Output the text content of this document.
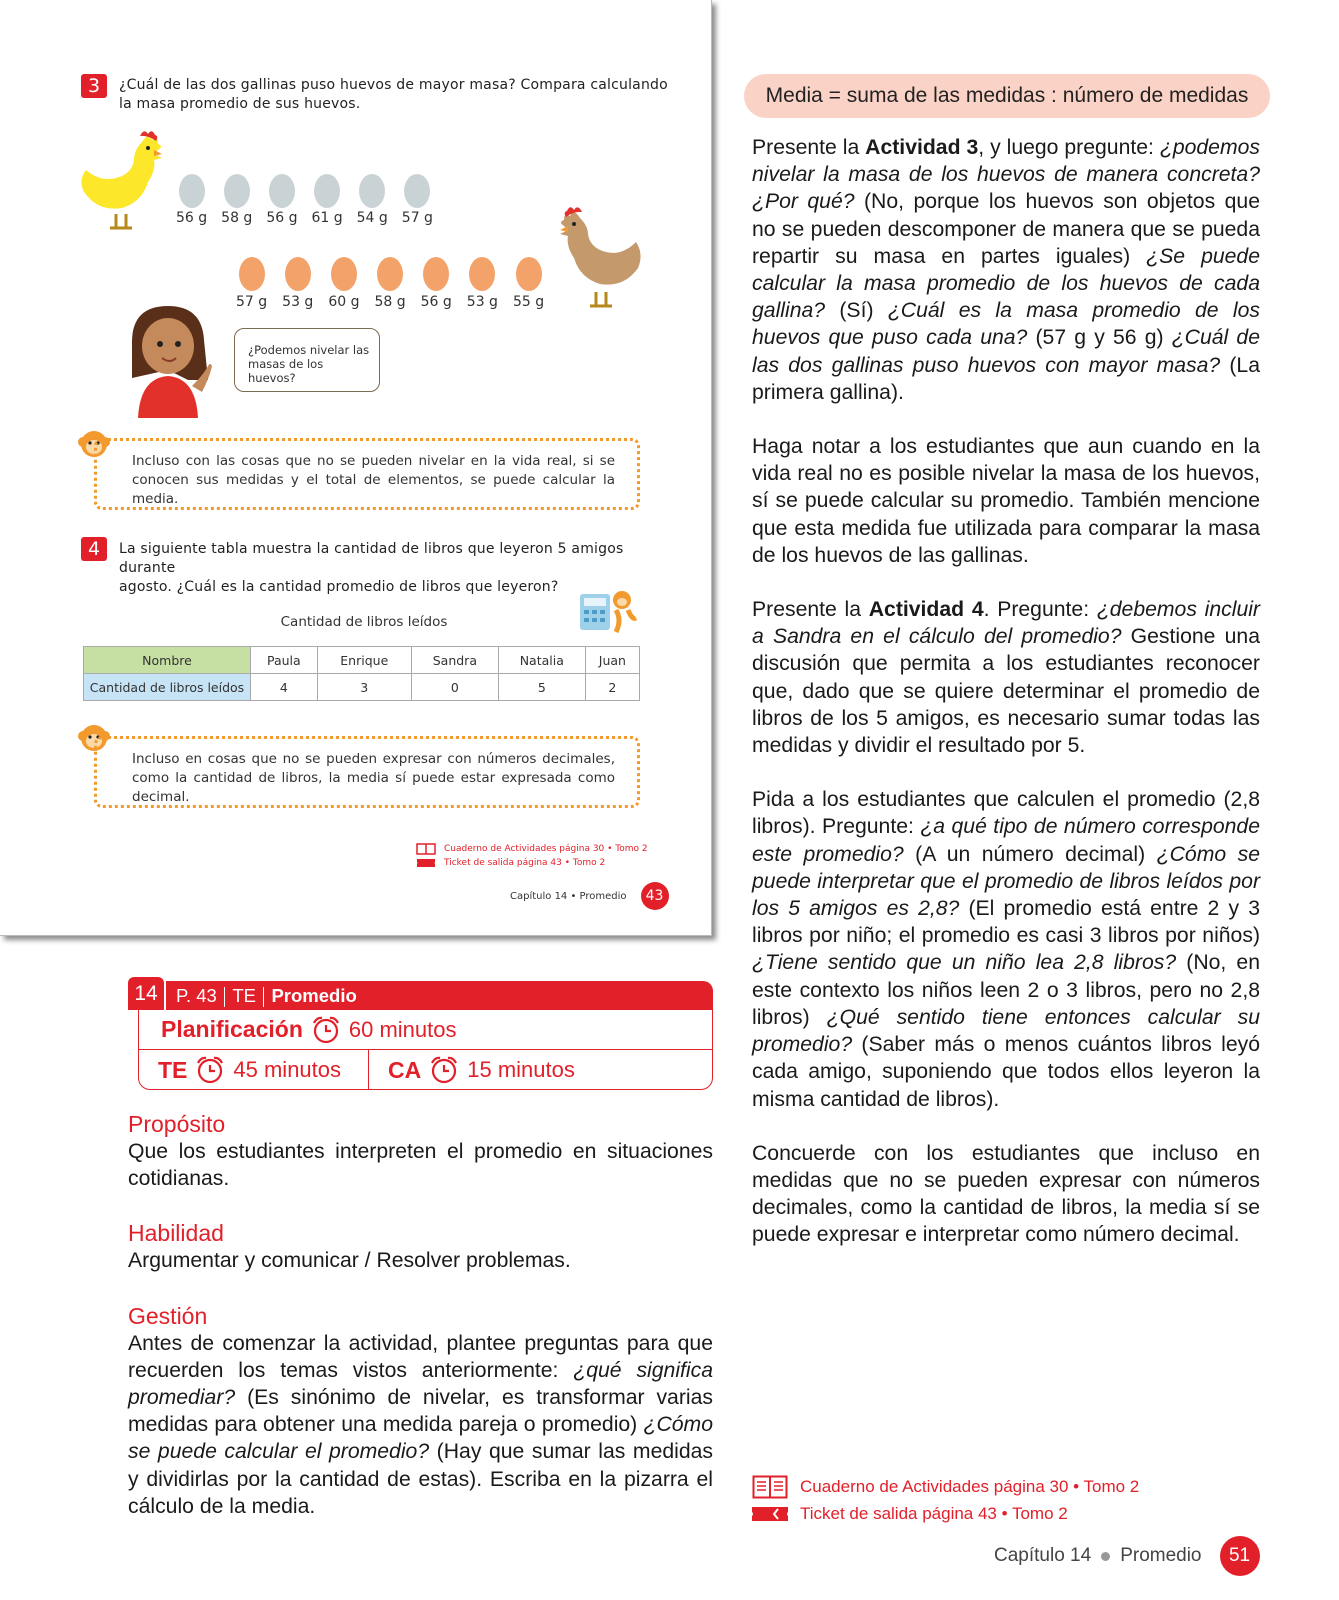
3	¿Cuál de las dos gallinas puso huevos de mayor masa? Compara calculando
la masa promedio de sus huevos.
56 g 58 g 56 g 61 g 54 g 57 g
57 g 53 g 60 g 58 g 56 g 53 g 55 g
¿Podemos nivelar las
masas de los huevos?
Incluso con las cosas que no se pueden nivelar en la vida real, si se conocen sus medidas y el total de elementos, se puede calcular la media.
4	La siguiente tabla muestra la cantidad de libros que leyeron 5 amigos durante
agosto. ¿Cuál es la cantidad promedio de libros que leyeron?
Cantidad de libros leídos
Nombre	Paula	Enrique	Sandra	Natalia	Juan
Cantidad de libros leídos	4	3	0	5	2
Incluso en cosas que no se pueden expresar con números decimales, como la cantidad de libros, la media sí puede estar expresada como decimal.
Cuaderno de Actividades página 30 • Tomo 2
Ticket de salida página 43 • Tomo 2
Capítulo 14 • Promedio	43
Media = suma de las medidas : número de medidas

Presente la Actividad 3, y luego pregunte: ¿podemos nivelar la masa de los huevos de manera concreta? ¿Por qué? (No, porque los huevos son objetos que no se pueden descomponer de manera que se pueda repartir su masa en partes iguales) ¿Se puede calcular la masa promedio de los huevos de cada gallina? (Sí) ¿Cuál es la masa promedio de los huevos que puso cada una? (57 g y 56 g) ¿Cuál de las dos gallinas puso huevos con mayor masa? (La primera gallina).

Haga notar a los estudiantes que aun cuando en la vida real no es posible nivelar la masa de los huevos, sí se puede calcular su promedio. También mencione que esta medida fue utilizada para comparar la masa de los huevos de las gallinas.

Presente la Actividad 4. Pregunte: ¿debemos incluir a Sandra en el cálculo del promedio? Gestione una discusión que permita a los estudiantes reconocer que, dado que se quiere determinar el promedio de libros de los 5 amigos, es necesario sumar todas las medidas y dividir el resultado por 5.

Pida a los estudiantes que calculen el promedio (2,8 libros). Pregunte: ¿a qué tipo de número corresponde este promedio? (A un número decimal) ¿Cómo se puede interpretar que el promedio de libros leídos por los 5 amigos es 2,8? (El promedio está entre 2 y 3 libros por niño; el promedio es casi 3 libros por niños) ¿Tiene sentido que un niño lea 2,8 libros? (No, en este contexto los niños leen 2 o 3 libros, pero no 2,8 libros) ¿Qué sentido tiene entonces calcular su promedio? (Saber más o menos cuántos libros leyó cada amigo, suponiendo que todos ellos leyeron la misma cantidad de libros).

Concuerde con los estudiantes que incluso en medidas que no se pueden expresar con números decimales, como la cantidad de libros, la media sí se puede expresar e interpretar como número decimal.

14 P. 43 TE Promedio
Planificación 60 minutos
TE 45 minutos CA 15 minutos
Propósito
Que los estudiantes interpreten el promedio en situaciones cotidianas.
Habilidad
Argumentar y comunicar / Resolver problemas.
Gestión
Antes de comenzar la actividad, plantee preguntas para que recuerden los temas vistos anteriormente: ¿qué significa promediar? (Es sinónimo de nivelar, es transformar varias medidas para obtener una medida pareja o promedio) ¿Cómo se puede calcular el promedio? (Hay que sumar las medidas y dividirlas por la cantidad de estas). Escriba en la pizarra el cálculo de la media.
Cuaderno de Actividades página 30 • Tomo 2
Ticket de salida página 43 • Tomo 2
Capítulo 14 Promedio	51
